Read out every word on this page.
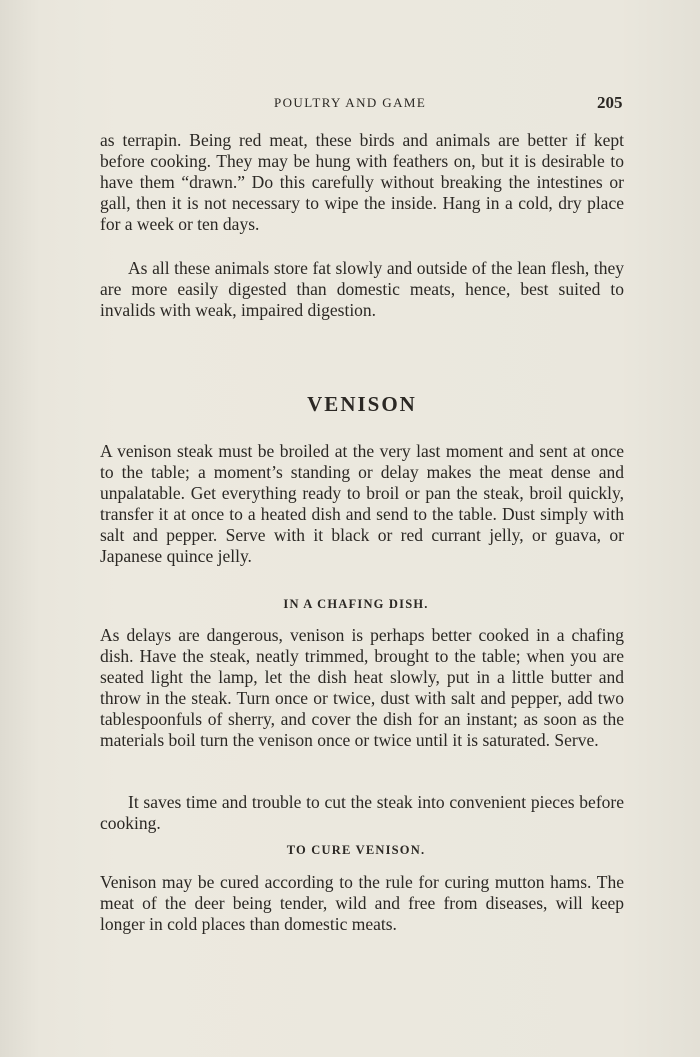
POULTRY AND GAME	205

as terrapin. Being red meat, these birds and animals are better if kept before cooking. They may be hung with feathers on, but it is desirable to have them “drawn.” Do this carefully without breaking the intestines or gall, then it is not necessary to wipe the inside. Hang in a cold, dry place for a week or ten days.

As all these animals store fat slowly and outside of the lean flesh, they are more easily digested than domestic meats, hence, best suited to invalids with weak, impaired digestion.

VENISON

A venison steak must be broiled at the very last moment and sent at once to the table; a moment’s standing or delay makes the meat dense and unpalatable. Get everything ready to broil or pan the steak, broil quickly, transfer it at once to a heated dish and send to the table. Dust simply with salt and pepper. Serve with it black or red currant jelly, or guava, or Japanese quince jelly.

IN A CHAFING DISH.

As delays are dangerous, venison is perhaps better cooked in a chafing dish. Have the steak, neatly trimmed, brought to the table; when you are seated light the lamp, let the dish heat slowly, put in a little butter and throw in the steak. Turn once or twice, dust with salt and pepper, add two tablespoonfuls of sherry, and cover the dish for an instant; as soon as the materials boil turn the venison once or twice until it is saturated. Serve.

It saves time and trouble to cut the steak into convenient pieces before cooking.

TO CURE VENISON.

Venison may be cured according to the rule for curing mutton hams. The meat of the deer being tender, wild and free from diseases, will keep longer in cold places than domestic meats.
